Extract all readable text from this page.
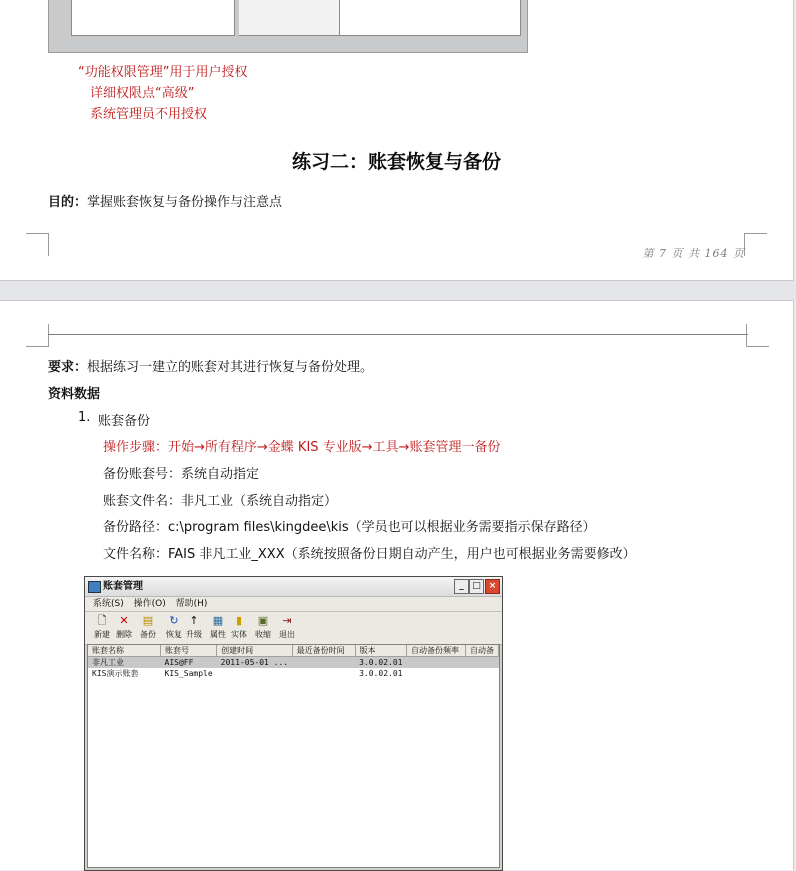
“功能权限管理”用于用户授权
详细权限点“高级”
系统管理员不用授权
练习二：账套恢复与备份
目的：掌握账套恢复与备份操作与注意点
第 7 页 共 164 页
要求：根据练习一建立的账套对其进行恢复与备份处理。
资料数据
1. 账套备份
操作步骤：开始→所有程序→金蝶 KIS 专业版→工具→账套管理一备份
备份账套号：系统自动指定
账套文件名：非凡工业（系统自动指定）
备份路径：c:\program files\kingdee\kis（学员也可以根据业务需要指示保存路径）
文件名称：FAIS 非凡工业_XXX（系统按照备份日期自动产生，用户也可根据业务需要修改）
账套管理	_ □ ×
系统(S) 操作(O) 帮助(H)
🗋
新建
✕
删除
▤
备份
↻
恢复
↑
升级
▦
属性
▮
实体
▣
收缩
⇥
退出
账套名称	账套号	创建时间	最近备份时间	版本	自动备份频率	自动备
非凡工业	AIS@FF	2011-05-01 ...		3.0.02.01		
KIS演示账套	KIS_Sample			3.0.02.01		
